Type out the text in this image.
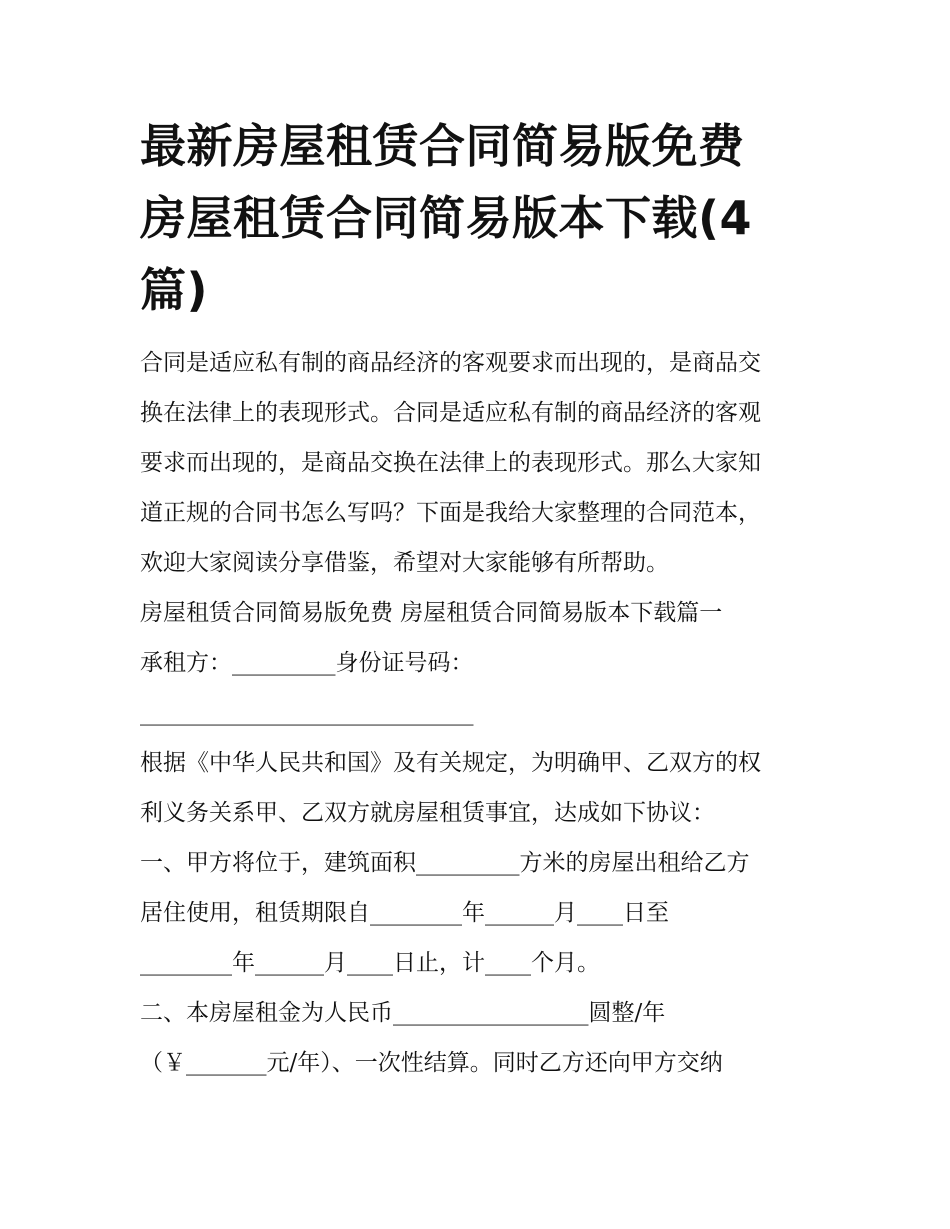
最新房屋租赁合同简易版免费
房屋租赁合同简易版本下载(4
篇)

合同是适应私有制的商品经济的客观要求而出现的，是商品交

换在法律上的表现形式。合同是适应私有制的商品经济的客观

要求而出现的，是商品交换在法律上的表现形式。那么大家知

道正规的合同书怎么写吗？下面是我给大家整理的合同范本，

欢迎大家阅读分享借鉴，希望对大家能够有所帮助。

房屋租赁合同简易版免费 房屋租赁合同简易版本下载篇一

承租方：_________身份证号码：

_____________________________

根据《中华人民共和国》及有关规定，为明确甲、乙双方的权

利义务关系甲、乙双方就房屋租赁事宜，达成如下协议：

一、甲方将位于，建筑面积_________方米的房屋出租给乙方

居住使用，租赁期限自________年______月____日至

________年______月____日止，计____个月。

二、本房屋租金为人民币_________________圆整/年

（￥_______元/年）、一次性结算。同时乙方还向甲方交纳
